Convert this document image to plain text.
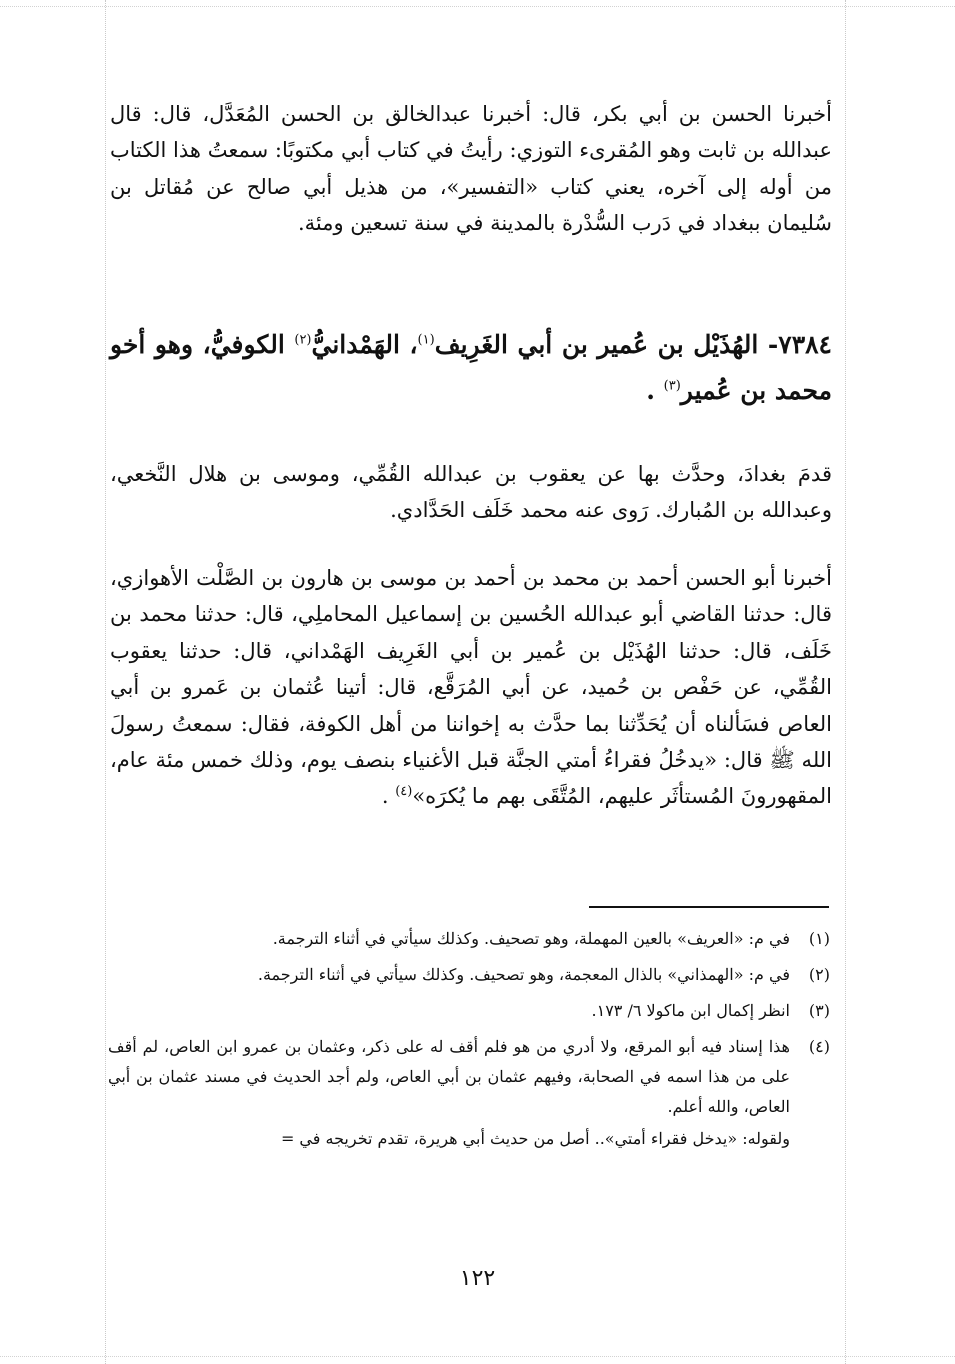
أخبرنا الحسن بن أبي بكر، قال: أخبرنا عبدالخالق بن الحسن المُعَدَّل، قال: قال عبدالله بن ثابت وهو المُقرىء التوزي: رأيتُ في كتاب أبي مكتوبًا: سمعتُ هذا الكتاب من أوله إلى آخره، يعني كتاب «التفسير»، من هذيل أبي صالح عن مُقاتل بن سُليمان ببغداد في دَرب السُّدْرة بالمدينة في سنة تسعين ومئة.

٧٣٨٤- الهُذَيْل بن عُمير بن أبي الغَرِيف$^{(١)}$، الهَمْدانيُّ$^{(٢)}$ الكوفيُّ، وهو أخو محمد بن عُمير$^{(٣)}$ .

قدمَ بغدادَ، وحدَّث بها عن يعقوب بن عبدالله القُمِّي، وموسى بن هلال النَّخعي، وعبدالله بن المُبارك. رَوى عنه محمد خَلَف الحَدَّادي.

أخبرنا أبو الحسن أحمد بن محمد بن أحمد بن موسى بن هارون بن الصَّلْت الأهوازي، قال: حدثنا القاضي أبو عبدالله الحُسين بن إسماعيل المحاملِي، قال: حدثنا محمد بن خَلَف، قال: حدثنا الهُذَيْل بن عُمير بن أبي الغَرِيف الهَمْداني، قال: حدثنا يعقوب القُمِّي، عن حَفْص بن حُميد، عن أبي المُرَقَّع، قال: أتينا عُثمان بن عَمرو بن أبي العاص فسَألناه أن يُحَدِّثنا بما حدَّث به إخواننا من أهل الكوفة، فقال: سمعتُ رسولَ الله ﷺ قال: «يدخُلُ فقراءُ أمتي الجنَّة قبل الأغنياء بنصف يوم، وذلك خمس مئة عام، المقهورونَ المُستأثَر عليهم، المُتَّقَى بهم ما يُكرَه»$^{(٤)}$ .

(١)
في م: «العريف» بالعين المهملة، وهو تصحيف. وكذلك سيأتي في أثناء الترجمة.
(٢)
في م: «الهمذاني» بالذال المعجمة، وهو تصحيف. وكذلك سيأتي في أثناء الترجمة.
(٣)
انظر إكمال ابن ماكولا ٦/ ١٧٣.
(٤)
هذا إسناد فيه أبو المرقع، ولا أدري من هو فلم أقف له على ذكر، وعثمان بن عمرو ابن العاص، لم أقف على من هذا اسمه في الصحابة، وفيهم عثمان بن أبي العاص، ولم أجد الحديث في مسند عثمان بن أبي العاص، والله أعلم.
ولقوله: «يدخل فقراء أمتي».. أصل من حديث أبي هريرة، تقدم تخريجه في =
١٢٢
